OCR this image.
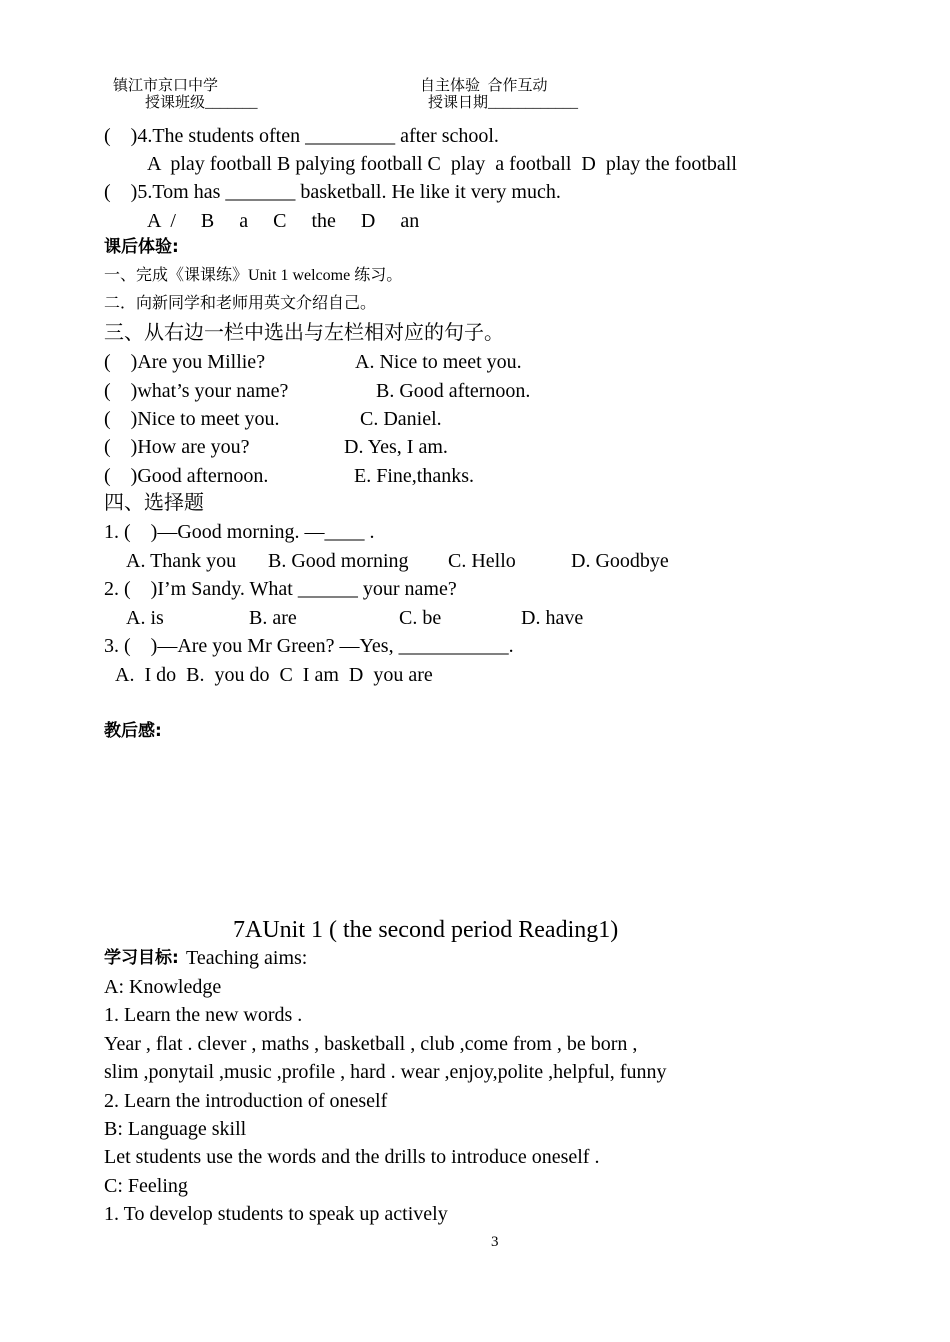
镇江市京口中学	自主体验  合作互动
授课班级_______	授课日期____________
(    )4.The students often _________ after school.
A  play football B palying football C  play  a football  D  play the football
(    )5.Tom has _______ basketball. He like it very much.
A  /     B     a     C     the     D     an
课后体验:
一、完成《课课练》Unit 1 welcome 练习。
二．向新同学和老师用英文介绍自己。
三、从右边一栏中选出与左栏相对应的句子。
(    )Are you Millie?	A. Nice to meet you.
(    )what’s your name?	B. Good afternoon.
(    )Nice to meet you.	C. Daniel.
(    )How are you?	D. Yes, I am.
(    )Good afternoon.	E. Fine,thanks.
四、选择题
1. (    )—Good morning. —____ .
A. Thank you B. Good morning C. Hello	D. Goodbye
2. (    )I’m Sandy. What ______ your name?
A. is	B. are	C. be	D. have
3. (    )—Are you Mr Green? —Yes, ___________.
A.  I do  B.  you do  C  I am  D  you are
教后感:
7AUnit 1 ( the second period Reading1)
学习目标: Teaching aims:
A: Knowledge
1. Learn the new words .
Year , flat . clever , maths , basketball , club ,come from , be born ,
slim ,ponytail ,music ,profile , hard . wear ,enjoy,polite ,helpful, funny
2. Learn the introduction of oneself
B: Language skill
Let students use the words and the drills to introduce oneself .
C: Feeling
1. To develop students to speak up actively
3
